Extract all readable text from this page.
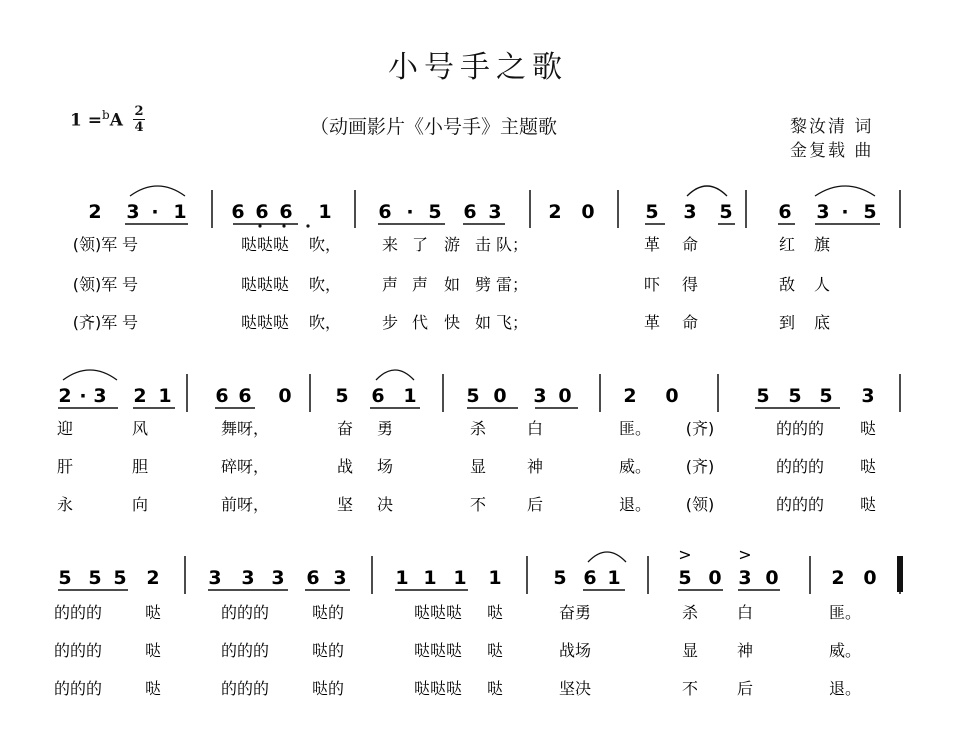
小号手之歌
1 =$^b$A 2
4	（动画影片《小号手》主题歌	黎汝清 词
金复载 曲
2 3 · 1 6 6 6 1 6 · 5 6 3 2 0	5 3 5 6 3 · 5
(领)军 号	哒哒哒 吹，	来 了 游 击 队；	革 命	红 旗
(领)军 号	哒哒哒 吹，	声 声 如 劈 雷；	吓 得	敌 人
(齐)军 号	哒哒哒 吹，	步 代 快 如 飞；	革 命	到 底
2 · 3 2 1 6 6 0 5 6 1	5 0 3 0	2 0	5 5 5 3
迎	风	舞呀，	奋 勇	杀	白	匪。 (齐)	的的的 哒
肝	胆	碎呀，	战 场	显	神	威。 (齐)	的的的 哒
永	向	前呀，	坚 决	不	后	退。 (领)	的的的 哒
5 5 5 2	3 3 3 6 3	1 1 1 1	5 6 1	5 0 3 0	2 0
>	>
的的的	哒	的的的	哒的	哒哒哒 哒	奋勇	杀 白	匪。
的的的	哒	的的的	哒的	哒哒哒 哒	战场	显 神	威。
的的的	哒	的的的	哒的	哒哒哒 哒	坚决	不 后	退。
